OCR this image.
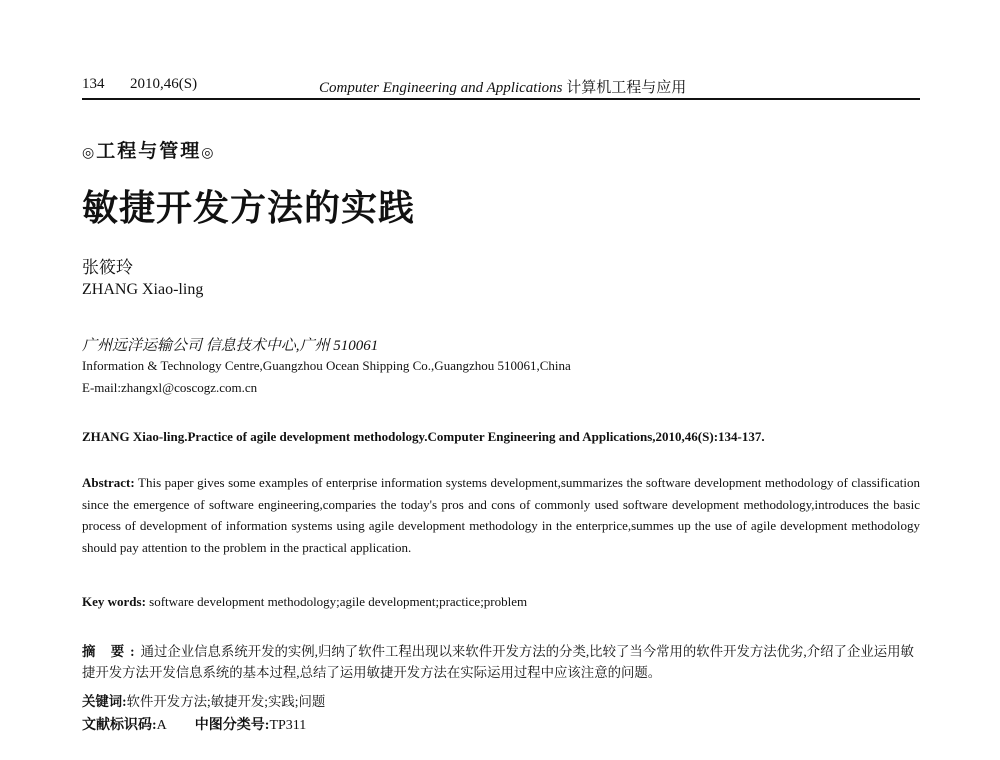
134 2010,46(S)	Computer Engineering and Applications 计算机工程与应用
◎工程与管理◎
敏捷开发方法的实践
张筱玲
ZHANG Xiao-ling
广州远洋运输公司 信息技术中心,广州 510061
Information & Technology Centre,Guangzhou Ocean Shipping Co.,Guangzhou 510061,China
E-mail:zhangxl@coscogz.com.cn
ZHANG Xiao-ling.Practice of agile development methodology.Computer Engineering and Applications,2010,46(S):134-137.
Abstract: This paper gives some examples of enterprise information systems development,summarizes the software development methodology of classification since the emergence of software engineering,comparies the today's pros and cons of commonly used software development methodology,introduces the basic process of development of information systems using agile development methodology in the enterprice,summes up the use of agile development methodology should pay attention to the problem in the practical application.
Key words: software development methodology;agile development;practice;problem
摘 要:通过企业信息系统开发的实例,归纳了软件工程出现以来软件开发方法的分类,比较了当今常用的软件开发方法优劣,介绍了企业运用敏捷开发方法开发信息系统的基本过程,总结了运用敏捷开发方法在实际运用过程中应该注意的问题。
关键词:软件开发方法;敏捷开发;实践;问题
文献标识码:A 中图分类号:TP311
